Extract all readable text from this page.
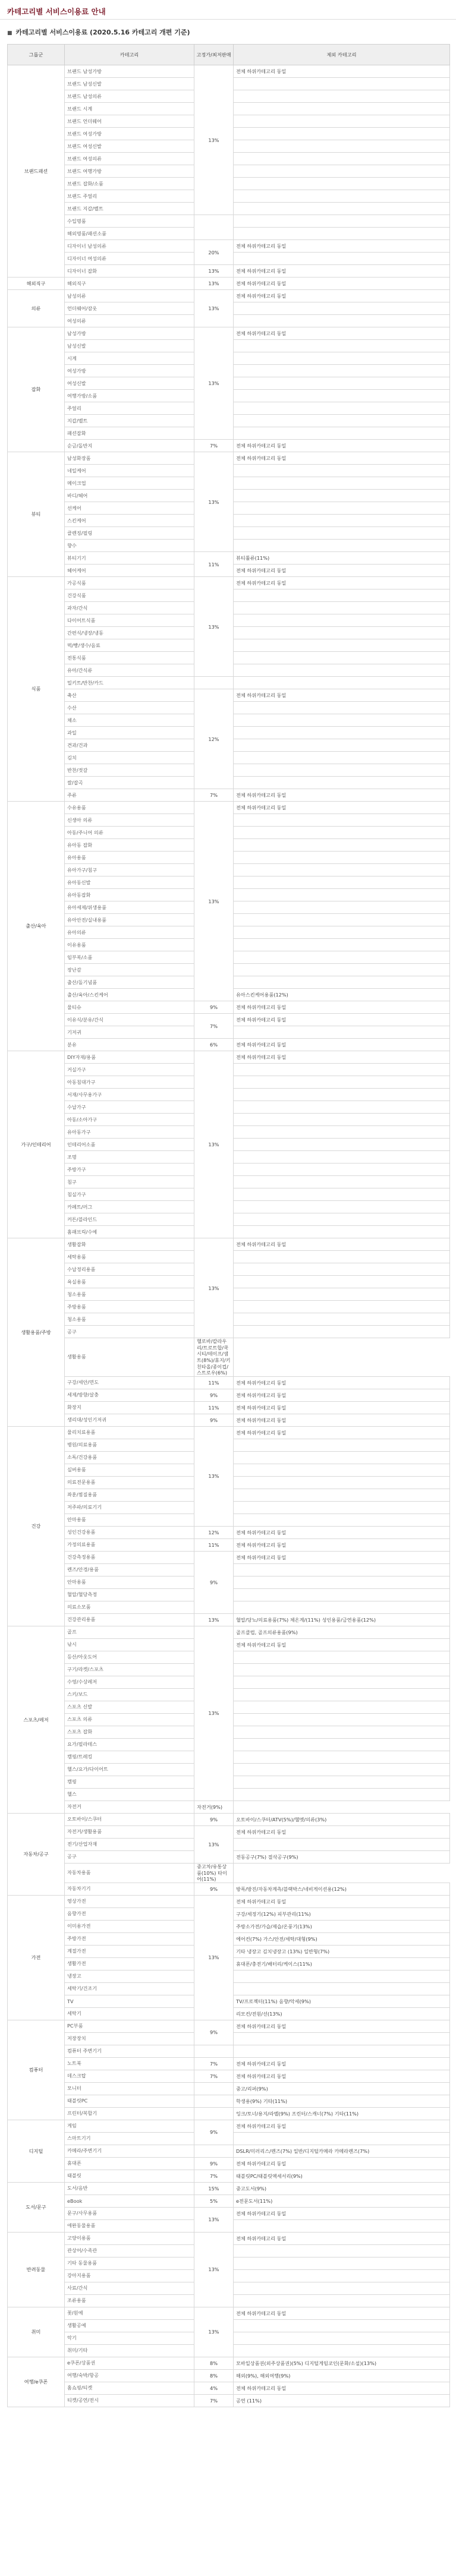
카테고리별 서비스이용료 안내
■ 카테고리별 서비스이용료 (2020.5.16 카테고리 개편 기준)
그룹군	카테고리	고정가/최저판매	제외 카테고리
브랜드패션	브랜드 남성가방	13%	전체 하위카테고리 동일
	브랜드 남성신발		
	브랜드 남성의류		
	브랜드 시계		
	브랜드 언더웨어		
	브랜드 여성가방		
	브랜드 여성신발		
	브랜드 여성의류		
	브랜드 여행가방		
	브랜드 잡화/소품		
	브랜드 주얼리		
	브랜드 지갑/벨트		
	수입명품		
	해외명품/패션소품		
	디자이너 남성의류	20%	전체 하위카테고리 동일
	디자이너 여성의류		
	디자이너 잡화	13%	전체 하위카테고리 동일
해외직구	해외직구	13%	전체 하위카테고리 동일
의류	남성의류	13%	전체 하위카테고리 동일
	언더웨어/잠옷		
	여성의류		
잡화	남성가방	13%	전체 하위카테고리 동일
	남성신발		
	시계		
	여성가방		
	여성신발		
	여행가방/소품		
	주얼리		
	지갑/벨트		
	패션잡화		
	순금/돌반지	7%	전체 하위카테고리 동일
뷰티	남성화장품	13%	전체 하위카테고리 동일
	네일케어		
	메이크업		
	바디/헤어		
	선케어		
	스킨케어		
	클렌징/필링		
	향수		
	뷰티기기	11%	뷰티툴류(11%)
	헤어케어		전체 하위카테고리 동일
식품	가공식품	13%	전체 하위카테고리 동일
	건강식품		
	과자/간식		
	다이어트식품		
	간편식/냉장/냉동		
	떡/빵/생수/음료		
	전통식품		
	유아/간식류		
	밀키트/반찬/카드		
	축산	12%	전체 하위카테고리 동일
	수산		
	채소		
	과일		
	견과/건과		
	김치		
	반찬/젓갈		
	쌀/잡곡		
	주류	7%	전체 하위카테고리 동일
출산/육아	수유용품	13%	전체 하위카테고리 동일
	신생아 의류		
	아동/주니어 의류		
	유아동 잡화		
	유아용품		
	유아가구/침구		
	유아동신발		
	유아동잡화		
	유아세제/위생용품		
	유아안전/실내용품		
	유아의류		
	이유용품		
	임부복/소품		
	장난감		
	출산/돌기념품		
	출산/육아/스킨케어		유아스킨케어용품(12%)
	물티슈	9%	전체 하위카테고리 동일
	이유식/분유/간식	7%	전체 하위카테고리 동일
	기저귀		
	분유	6%	전체 하위카테고리 동일
가구/인테리어	DIY자재/용품	13%	전체 하위카테고리 동일
	거실가구		
	아동침대가구		
	서재/사무용가구		
	수납가구		
	아동/소아가구		
	유아동가구		
	인테리어소품		
	조명		
	주방가구		
	침구		
	침실가구		
	카페트/러그		
	커튼/블라인드		
	홈패브릭/수예		
생활용품/주방	생활잡화	13%	전체 하위카테고리 동일
	세탁용품		
	수납정리용품		
	욕실용품		
	청소용품		
	주방용품		
	청소용품		
	공구		
	생활용품	헬로바/칼라우리/트로트합/쿡시티/테이프/샘트(8%)/휴지/키친타올/종이컵/스트로우(6%)	
	구강/세안/면도	11%	전체 하위카테고리 동일
	세제/방향/살충	9%	전체 하위카테고리 동일
	화장지	11%	전체 하위카테고리 동일
	생리대/성인기저귀	9%	전체 하위카테고리 동일
건강	물리치료용품	13%	전체 하위카테고리 동일
	병원/의료용품		
	소독/건강용품		
	실버용품		
	의료전문용품		
	좌훈/찜질용품		
	저주파/의료기기		
	안마용품		
	성인건강용품	12%	전체 하위카테고리 동일
	가정의료용품	11%	전체 하위카테고리 동일
	건강측정용품	9%	전체 하위카테고리 동일
	렌즈/안경/용품		
	안마용품		
	혈압/혈당측정		
	의료소모품		
	건강관리용품	13%	혈압/당뇨/의료용품(7%) 체온계/(11%) 성인용품/금연용품(12%)
스포츠/레저	골프	13%	골프클럽, 골프의류용품(9%)
	낚시		전체 하위카테고리 동일
	등산/아웃도어		
	구기/라켓/스포츠		
	수영/수상레저		
	스키/보드		
	스포츠 신발		
	스포츠 의류		
	스포츠 잡화		
	요가/필라테스		
	캠핑/트레킹		
	헬스/요가/다이어트		
	캠핑		
	헬스		
	자전거	자전거(9%)	
자동차/공구	오토바이/스쿠터	9%	오토바이/스쿠터/ATV(5%)/헬멧/의류(3%)
	자전거/생활용품	13%	전체 하위카테고리 동일
	전기/산업자재		
	공구		전동공구(7%) 절삭공구(9%)
	자동차용품	중고차/유통상품(10%) 타이어(11%)	
	자동차기기	9%	방폭/방진/자동차계측/블랙박스/네비게이션용(12%)
가전	영상가전	13%	전체 하위카테고리 동일
	음향가전		구강/세정기(12%) 피부관리(11%)
	이미용가전		주방소가전/가습/제습/온풍기(13%)
	주방가전		에어컨(7%) 가스/안전/세탁/대형(9%)
	계절가전		기타 냉장고 김치냉장고 (13%) 일반형(7%)
	생활가전		휴대폰/충전기/배터리/케이스(11%)
	냉장고		
	세탁기/건조기		
	TV		TV/프로젝터(11%) 음향/악세(9%)
	세탁기		리모컨/전원/선(13%)
컴퓨터	PC부품	9%	전체 하위카테고리 동일
	저장장치		
	컴퓨터 주변기기		
	노트북	7%	전체 하위카테고리 동일
	데스크탑	7%	전체 하위카테고리 동일
	모니터		중고/리퍼(9%)
	태블릿PC		학생용(9%) 기타(11%)
	프린터/복합기		잉크/토너/용지/라벨(9%) 프린터/스캐너(7%) 기타(11%)
디지털	게임	9%	전체 하위카테고리 동일
	스마트기기		
	카메라/주변기기		DSLR/미러리스/렌즈(7%) 일반/디지털카메라 카메라렌즈(7%)
	휴대폰	9%	전체 하위카테고리 동일
	태블릿	7%	태블릿PC/태블릿액세서리(9%)
도서/문구	도서/음반	15%	중고도서(9%)
	eBook	5%	e전문도서(11%)
	문구/사무용품	13%	전체 하위카테고리 동일
	애완동물용품		
반려동물	고양이용품	13%	전체 하위카테고리 동일
	관상어/수족관		
	기타 동물용품		
	강아지용품		
	사료/간식		
	조류용품		
취미	꽃/원예	13%	전체 하위카테고리 동일
	생활공예		
	악기		
	취미/기타		
여행/e쿠폰	e쿠폰/상품권	8%	모바일상품권(외주상품권)(5%) 디지털게임코인(문화/소설)(13%)
	여행/숙박/항공	8%	해외(9%), 해외여행(9%)
	홈쇼핑/티켓	4%	전체 하위카테고리 동일
	티켓/공연/전시	7%	공연 (11%)
